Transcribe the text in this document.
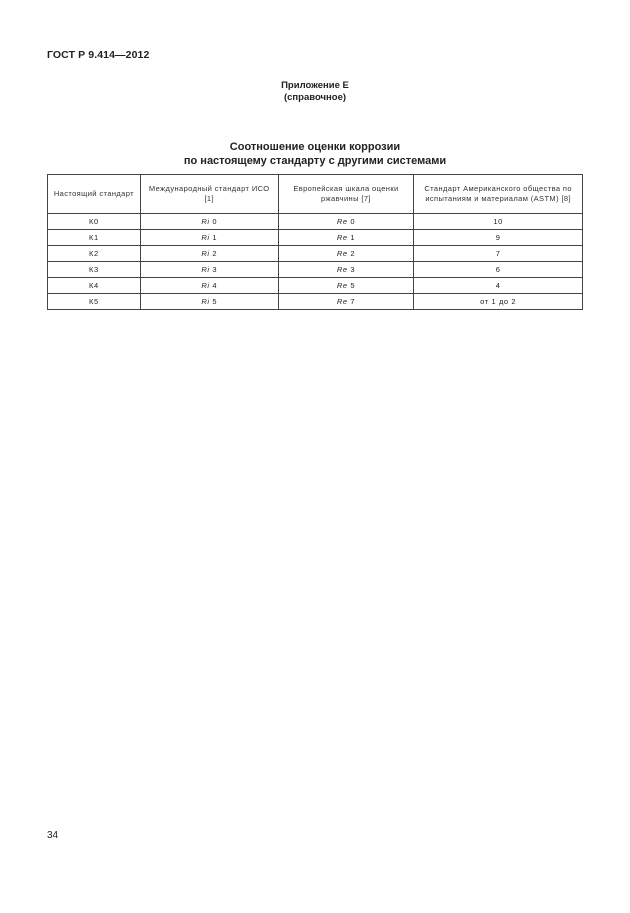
ГОСТ Р 9.414—2012
Приложение Е
(справочное)
Соотношение оценки коррозии
по настоящему стандарту с другими системами
Настоящий стандарт	Международный стандарт ИСО [1]	Европейская шкала оценки ржавчины [7]	Стандарт Американского общества по испытаниям и материалам (ASTM) [8]
К0	Ri 0	Re 0	10
К1	Ri 1	Re 1	9
К2	Ri 2	Re 2	7
К3	Ri 3	Re 3	6
К4	Ri 4	Re 5	4
К5	Ri 5	Re 7	от 1 до 2
34
